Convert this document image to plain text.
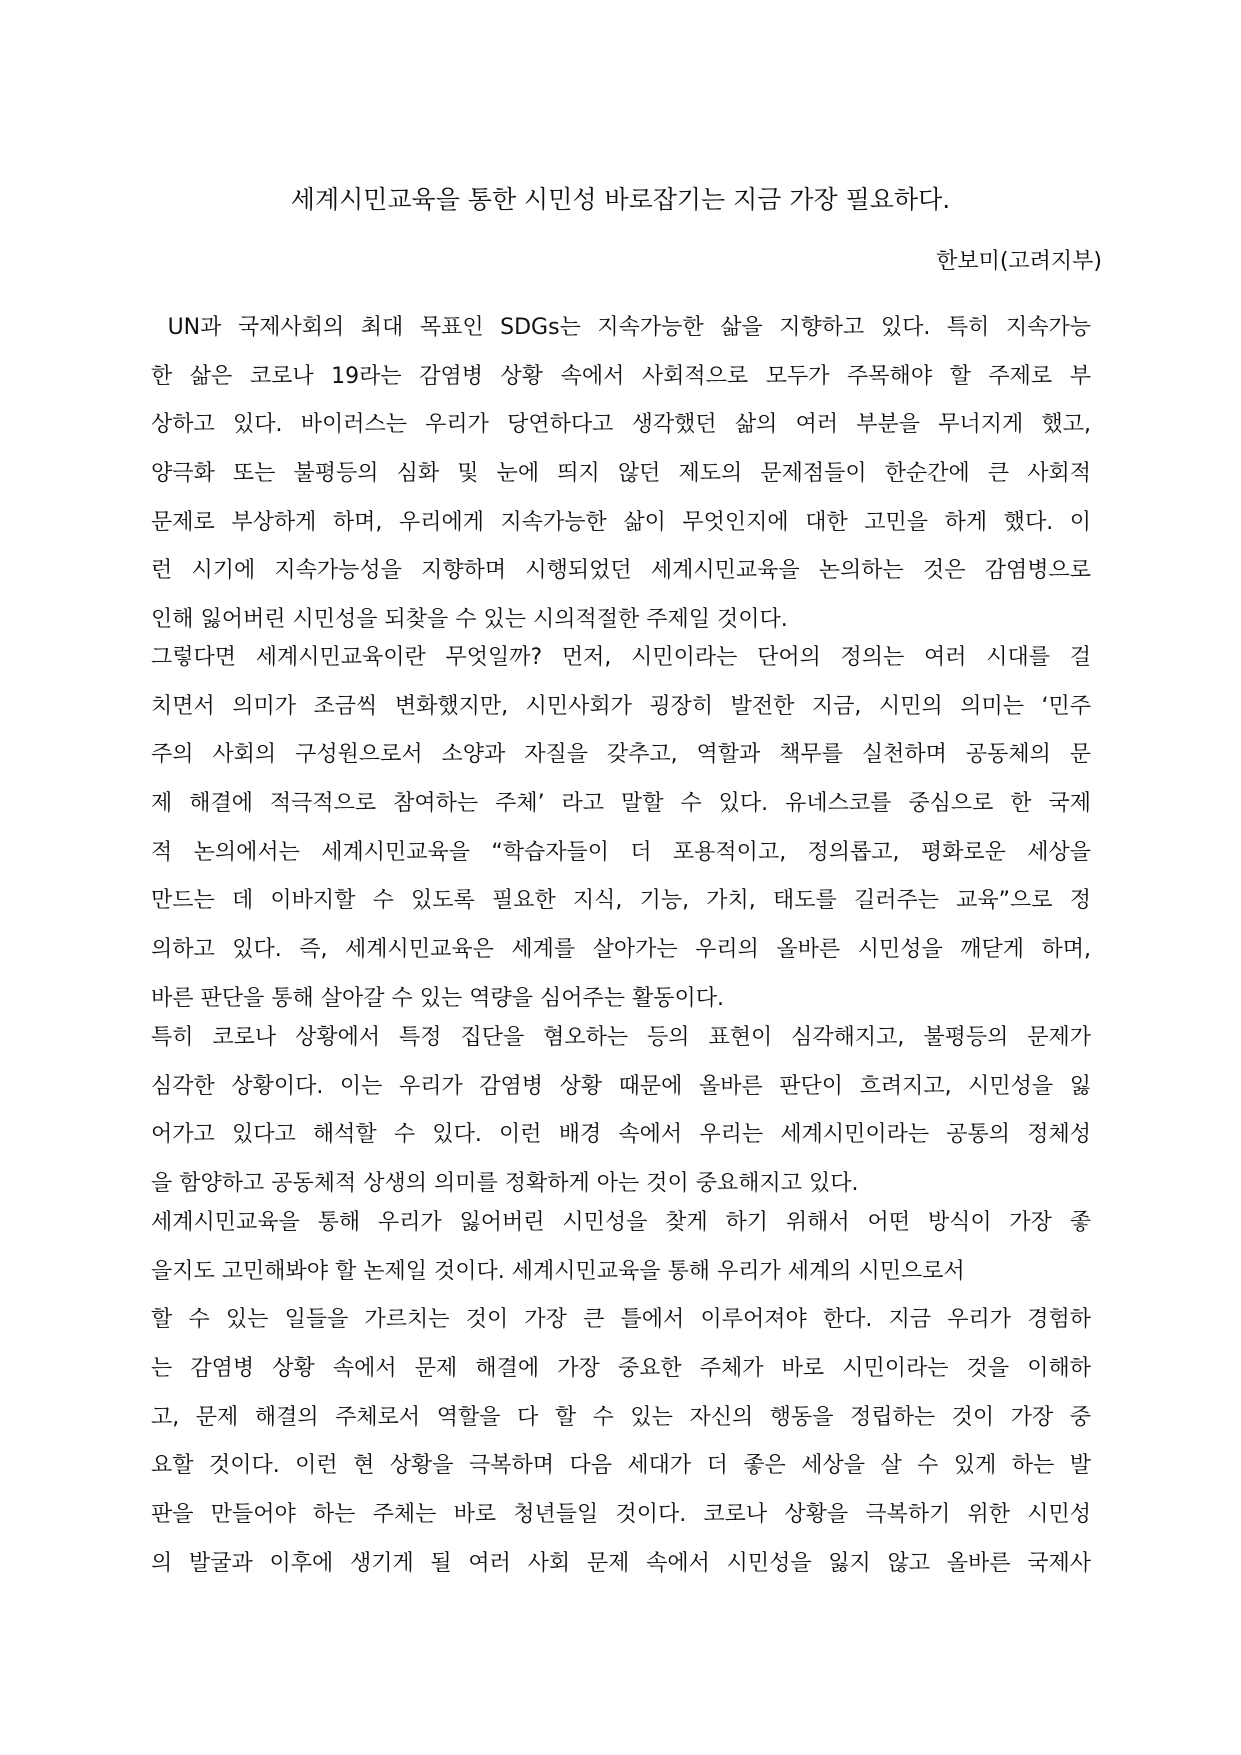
세계시민교육을 통한 시민성 바로잡기는 지금 가장 필요하다.
한보미(고려지부)
UN과 국제사회의 최대 목표인 SDGs는 지속가능한 삶을 지향하고 있다. 특히 지속가능
한 삶은 코로나 19라는 감염병 상황 속에서 사회적으로 모두가 주목해야 할 주제로 부
상하고 있다. 바이러스는 우리가 당연하다고 생각했던 삶의 여러 부분을 무너지게 했고,
양극화 또는 불평등의 심화 및 눈에 띄지 않던 제도의 문제점들이 한순간에 큰 사회적
문제로 부상하게 하며, 우리에게 지속가능한 삶이 무엇인지에 대한 고민을 하게 했다. 이
런 시기에 지속가능성을 지향하며 시행되었던 세계시민교육을 논의하는 것은 감염병으로
인해 잃어버린 시민성을 되찾을 수 있는 시의적절한 주제일 것이다.
그렇다면 세계시민교육이란 무엇일까? 먼저, 시민이라는 단어의 정의는 여러 시대를 걸
치면서 의미가 조금씩 변화했지만, 시민사회가 굉장히 발전한 지금, 시민의 의미는 ‘민주
주의 사회의 구성원으로서 소양과 자질을 갖추고, 역할과 책무를 실천하며 공동체의 문
제 해결에 적극적으로 참여하는 주체’ 라고 말할 수 있다. 유네스코를 중심으로 한 국제
적 논의에서는 세계시민교육을 “학습자들이 더 포용적이고, 정의롭고, 평화로운 세상을
만드는 데 이바지할 수 있도록 필요한 지식, 기능, 가치, 태도를 길러주는 교육”으로 정
의하고 있다. 즉, 세계시민교육은 세계를 살아가는 우리의 올바른 시민성을 깨닫게 하며,
바른 판단을 통해 살아갈 수 있는 역량을 심어주는 활동이다.
특히 코로나 상황에서 특정 집단을 혐오하는 등의 표현이 심각해지고, 불평등의 문제가
심각한 상황이다. 이는 우리가 감염병 상황 때문에 올바른 판단이 흐려지고, 시민성을 잃
어가고 있다고 해석할 수 있다. 이런 배경 속에서 우리는 세계시민이라는 공통의 정체성
을 함양하고 공동체적 상생의 의미를 정확하게 아는 것이 중요해지고 있다.
세계시민교육을 통해 우리가 잃어버린 시민성을 찾게 하기 위해서 어떤 방식이 가장 좋
을지도 고민해봐야 할 논제일 것이다. 세계시민교육을 통해 우리가 세계의 시민으로서
할 수 있는 일들을 가르치는 것이 가장 큰 틀에서 이루어져야 한다. 지금 우리가 경험하
는 감염병 상황 속에서 문제 해결에 가장 중요한 주체가 바로 시민이라는 것을 이해하
고, 문제 해결의 주체로서 역할을 다 할 수 있는 자신의 행동을 정립하는 것이 가장 중
요할 것이다. 이런 현 상황을 극복하며 다음 세대가 더 좋은 세상을 살 수 있게 하는 발
판을 만들어야 하는 주체는 바로 청년들일 것이다. 코로나 상황을 극복하기 위한 시민성
의 발굴과 이후에 생기게 될 여러 사회 문제 속에서 시민성을 잃지 않고 올바른 국제사
